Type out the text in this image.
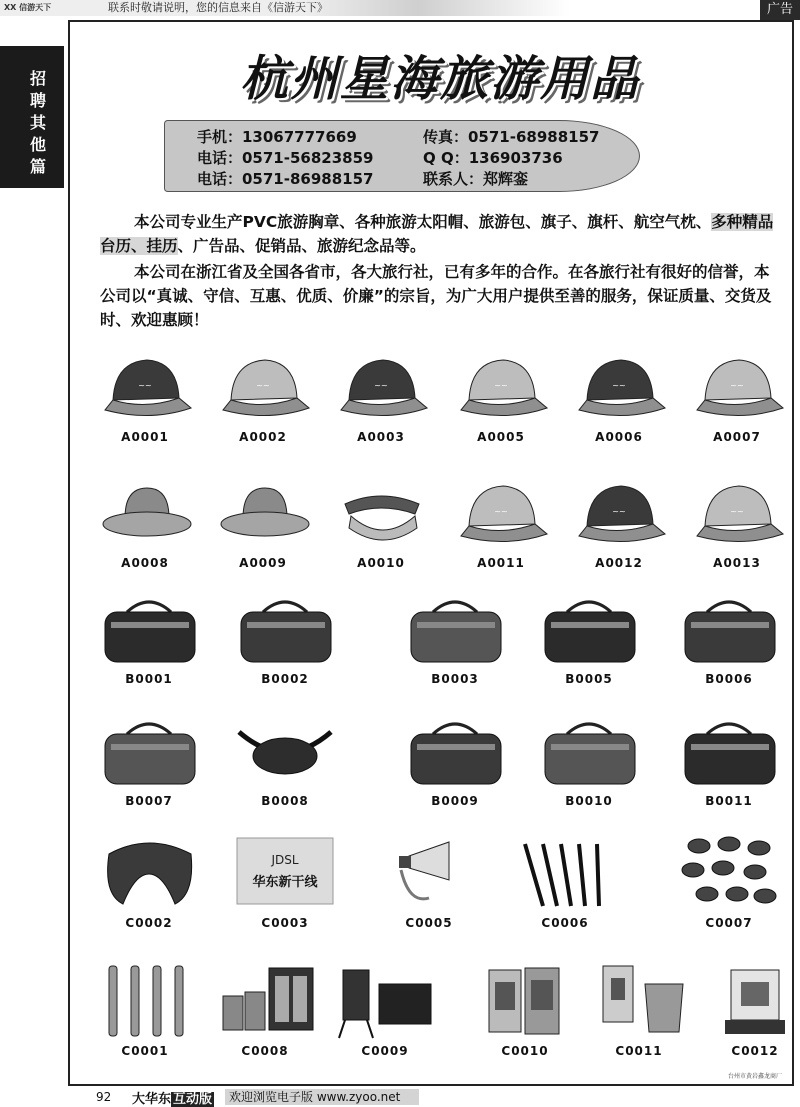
XX 信游天下	联系时敬请说明，您的信息来自《信游天下》	广告
招聘其他篇
杭州星海旅游用品
手机：13067777669
电话：0571-56823859
电话：0571-86988157
传真：0571-68988157
Q Q：136903736
联系人：郑辉銮
本公司专业生产PVC旅游胸章、各种旅游太阳帽、旅游包、旗子、旗杆、航空气枕、多种精品台历、挂历、广告品、促销品、旅游纪念品等。
本公司在浙江省及全国各省市，各大旅行社，已有多年的合作。在各旅行社有很好的信誉，本公司以“真诚、守信、互惠、优质、价廉”的宗旨，为广大用户提供至善的服务，保证质量、交货及时、欢迎惠顾！
~~
A0001
~~
A0002
~~
A0003
~~
A0005
~~
A0006
~~
A0007
A0008	A0009	A0010
~~
A0011
~~
A0012
~~
A0013
B0001	B0002	B0003	B0005	B0006
B0007	B0008	B0009	B0010	B0011
C0002
JDSL
华东新干线
C0003	C0005	C0006	C0007
C0001	C0008	C0009	C0010	C0011	C0012
台州市黄岩鑫龙商厂
92 大华东 互动版	欢迎浏览电子版 www.zyoo.net
